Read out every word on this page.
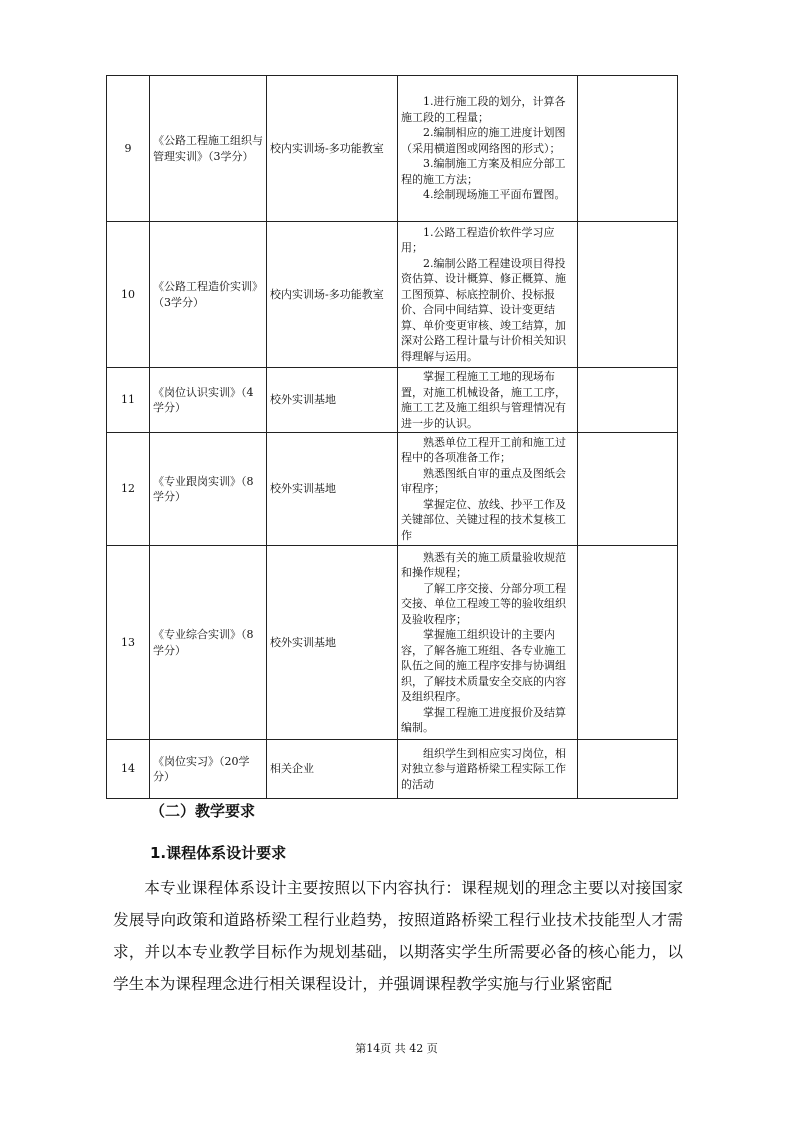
9	《公路工程施工组织与管理实训》（3学分）	校内实训场-多功能教室	1.进行施工段的划分，计算各施工段的工程量；

2.编制相应的施工进度计划图（采用横道图或网络图的形式）；

3.编制施工方案及相应分部工程的施工方法；

4.绘制现场施工平面布置图。	

10	《公路工程造价实训》（3学分）	校内实训场-多功能教室	1.公路工程造价软件学习应用；

2.编制公路工程建设项目得投资估算、设计概算、修正概算、施工图预算、标底控制价、投标报价、合同中间结算、设计变更结算、单价变更审核、竣工结算，加深对公路工程计量与计价相关知识得理解与运用。	

11	《岗位认识实训》（4学分）	校外实训基地	掌握工程施工工地的现场布置，对施工机械设备，施工工序，施工工艺及施工组织与管理情况有进一步的认识。	

12	《专业跟岗实训》（8学分）	校外实训基地	熟悉单位工程开工前和施工过程中的各项准备工作；

熟悉图纸自审的重点及图纸会审程序；

掌握定位、放线、抄平工作及关键部位、关键过程的技术复核工作	

13	《专业综合实训》（8学分）	校外实训基地	熟悉有关的施工质量验收规范和操作规程；

了解工序交接、分部分项工程交接、单位工程竣工等的验收组织及验收程序；

掌握施工组织设计的主要内容，了解各施工班组、各专业施工队伍之间的施工程序安排与协调组织，了解技术质量安全交底的内容及组织程序。

掌握工程施工进度报价及结算编制。	

14	《岗位实习》（20学分）	相关企业	组织学生到相应实习岗位，相对独立参与道路桥梁工程实际工作的活动	

（二）教学要求
1.课程体系设计要求

本专业课程体系设计主要按照以下内容执行：课程规划的理念主要以对接国家发展导向政策和道路桥梁工程行业趋势，按照道路桥梁工程行业技术技能型人才需求，并以本专业教学目标作为规划基础，以期落实学生所需要必备的核心能力，以学生本为课程理念进行相关课程设计，并强调课程教学实施与行业紧密配

第14页 共 42 页
